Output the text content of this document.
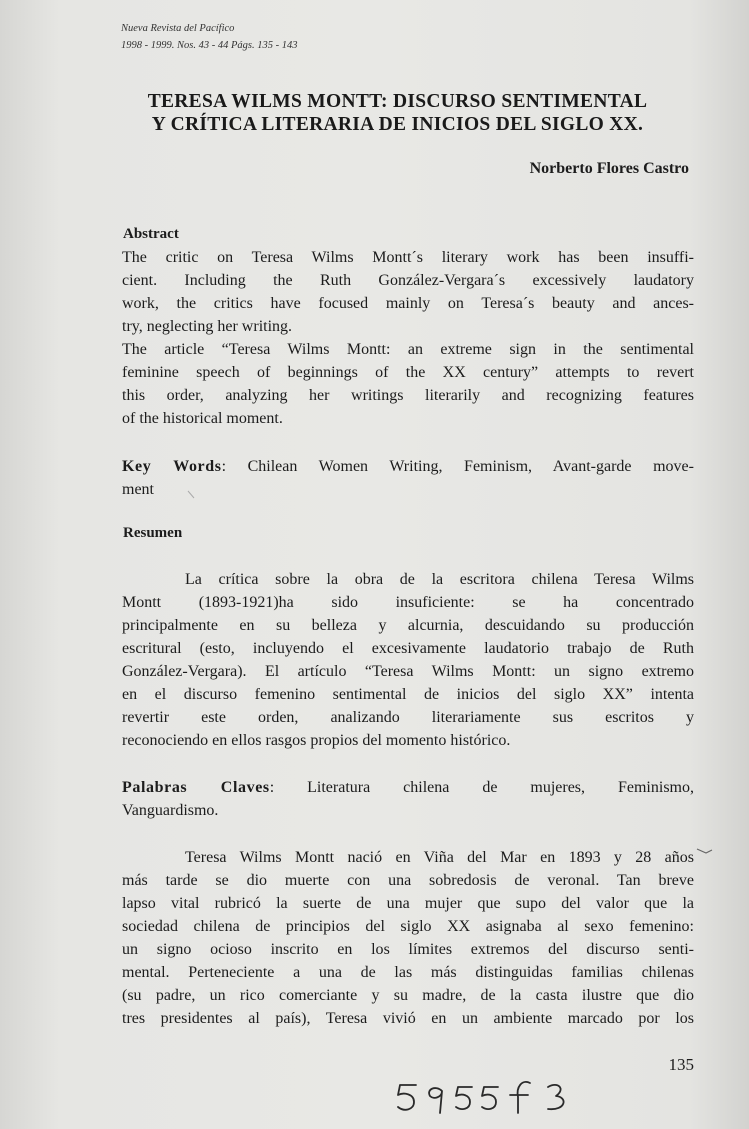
Nueva Revista del Pacífico
1998 - 1999. Nos. 43 - 44 Págs. 135 - 143
TERESA WILMS MONTT: DISCURSO SENTIMENTAL
Y CRÍTICA LITERARIA DE INICIOS DEL SIGLO XX.
Norberto Flores Castro
Abstract
The critic on Teresa Wilms Montt´s literary work has been insuffi-
cient. Including the Ruth González-Vergara´s excessively laudatory
work, the critics have focused mainly on Teresa´s beauty and ances-
try, neglecting her writing.
The article “Teresa Wilms Montt: an extreme sign in the sentimental
feminine speech of beginnings of the XX century” attempts to revert
this order, analyzing her writings literarily and recognizing features
of the historical moment.
Key Words: Chilean Women Writing, Feminism, Avant-garde move-
ment
Resumen
La crítica sobre la obra de la escritora chilena Teresa Wilms
Montt (1893-1921)ha sido insuficiente: se ha concentrado
principalmente en su belleza y alcurnia, descuidando su producción
escritural (esto, incluyendo el excesivamente laudatorio trabajo de Ruth
González-Vergara). El artículo “Teresa Wilms Montt: un signo extremo
en el discurso femenino sentimental de inicios del siglo XX” intenta
revertir este orden, analizando literariamente sus escritos y
reconociendo en ellos rasgos propios del momento histórico.
Palabras Claves: Literatura chilena de mujeres, Feminismo,
Vanguardismo.
Teresa Wilms Montt nació en Viña del Mar en 1893 y 28 años
más tarde se dio muerte con una sobredosis de veronal. Tan breve
lapso vital rubricó la suerte de una mujer que supo del valor que la
sociedad chilena de principios del siglo XX asignaba al sexo femenino:
un signo ocioso inscrito en los límites extremos del discurso senti-
mental. Perteneciente a una de las más distinguidas familias chilenas
(su padre, un rico comerciante y su madre, de la casta ilustre que dio
tres presidentes al país), Teresa vivió en un ambiente marcado por los
135
